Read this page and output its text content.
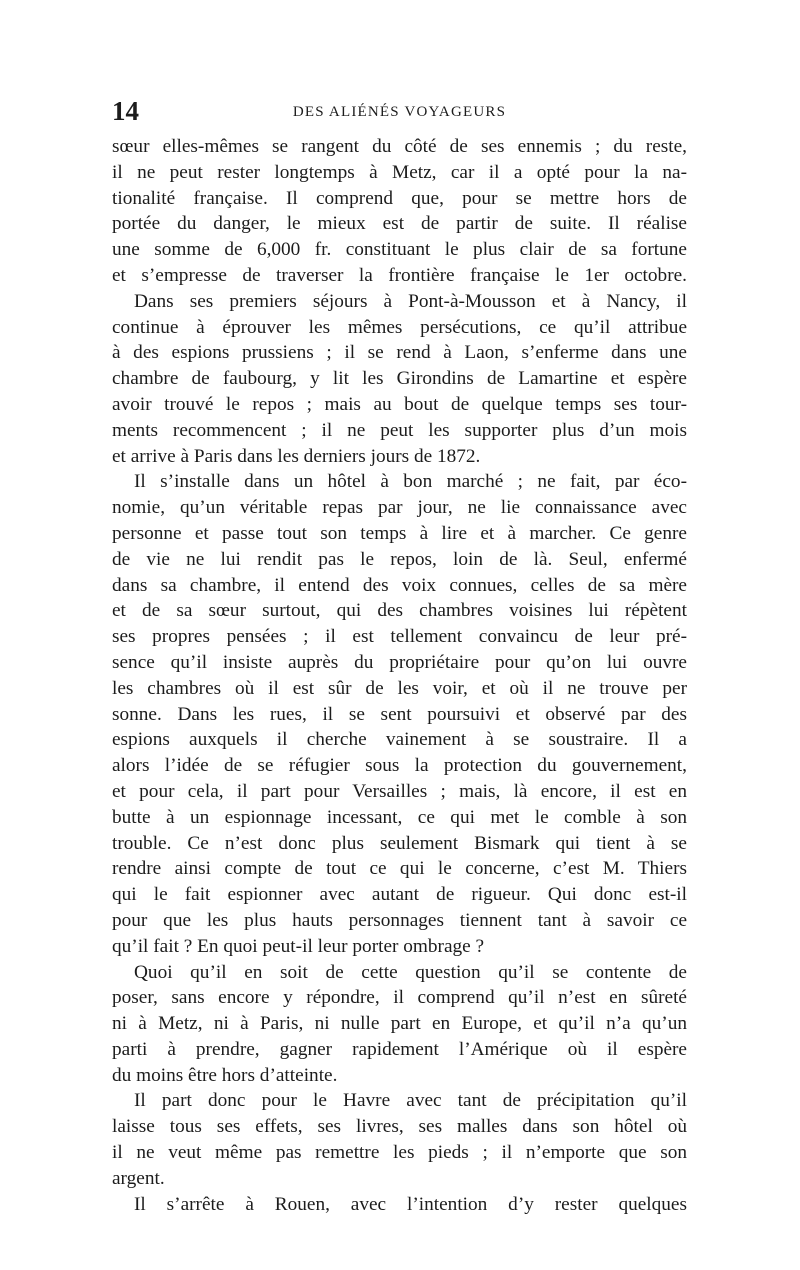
14	DES ALIÉNÉS VOYAGEURS
sœur elles-mêmes se rangent du côté de ses ennemis ; du reste,
il ne peut rester longtemps à Metz, car il a opté pour la na-
tionalité française. Il comprend que, pour se mettre hors de
portée du danger, le mieux est de partir de suite. Il réalise
une somme de 6,000 fr. constituant le plus clair de sa fortune
et s’empresse de traverser la frontière française le 1er octobre.
Dans ses premiers séjours à Pont-à-Mousson et à Nancy, il
continue à éprouver les mêmes persécutions, ce qu’il attribue
à des espions prussiens ; il se rend à Laon, s’enferme dans une
chambre de faubourg, y lit les Girondins de Lamartine et espère
avoir trouvé le repos ; mais au bout de quelque temps ses tour-
ments recommencent ; il ne peut les supporter plus d’un mois
et arrive à Paris dans les derniers jours de 1872.
Il s’installe dans un hôtel à bon marché ; ne fait, par éco-
nomie, qu’un véritable repas par jour, ne lie connaissance avec
personne et passe tout son temps à lire et à marcher. Ce genre
de vie ne lui rendit pas le repos, loin de là. Seul, enfermé
dans sa chambre, il entend des voix connues, celles de sa mère
et de sa sœur surtout, qui des chambres voisines lui répètent
ses propres pensées ; il est tellement convaincu de leur pré-
sence qu’il insiste auprès du propriétaire pour qu’on lui ouvre
les chambres où il est sûr de les voir, et où il ne trouve per
sonne. Dans les rues, il se sent poursuivi et observé par des
espions auxquels il cherche vainement à se soustraire. Il a
alors l’idée de se réfugier sous la protection du gouvernement,
et pour cela, il part pour Versailles ; mais, là encore, il est en
butte à un espionnage incessant, ce qui met le comble à son
trouble. Ce n’est donc plus seulement Bismark qui tient à se
rendre ainsi compte de tout ce qui le concerne, c’est M. Thiers
qui le fait espionner avec autant de rigueur. Qui donc est-il
pour que les plus hauts personnages tiennent tant à savoir ce
qu’il fait ? En quoi peut-il leur porter ombrage ?
Quoi qu’il en soit de cette question qu’il se contente de
poser, sans encore y répondre, il comprend qu’il n’est en sûreté
ni à Metz, ni à Paris, ni nulle part en Europe, et qu’il n’a qu’un
parti à prendre, gagner rapidement l’Amérique où il espère
du moins être hors d’atteinte.
Il part donc pour le Havre avec tant de précipitation qu’il
laisse tous ses effets, ses livres, ses malles dans son hôtel où
il ne veut même pas remettre les pieds ; il n’emporte que son
argent.
Il s’arrête à Rouen, avec l’intention d’y rester quelques
